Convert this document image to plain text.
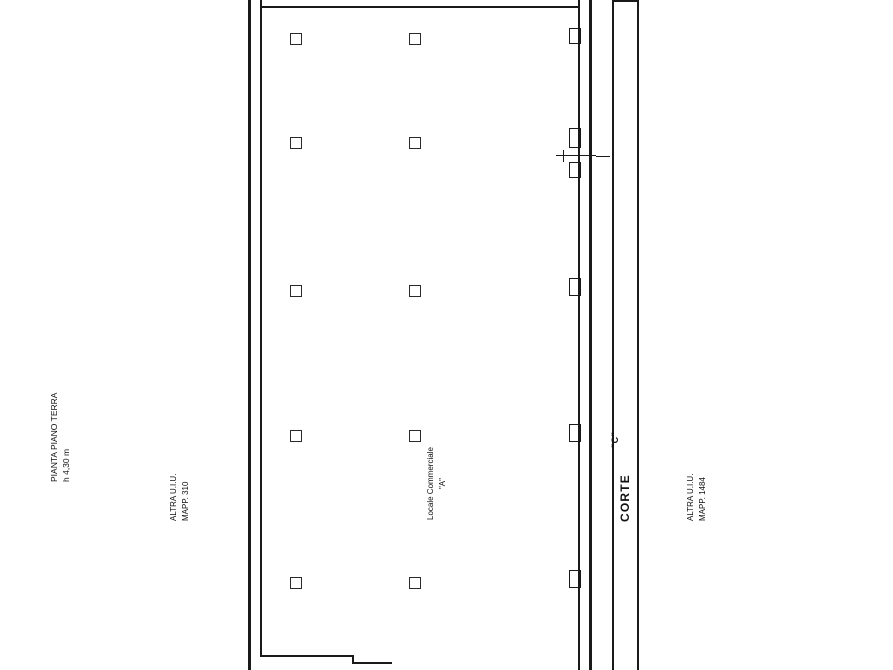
PIANTA PIANO TERRA h 4,30 m
ALTRA U.I.U. MAPP. 310	Locale Commerciale "A"	CORTE
"C"
ALTRA U.I.U. MAPP. 1484
